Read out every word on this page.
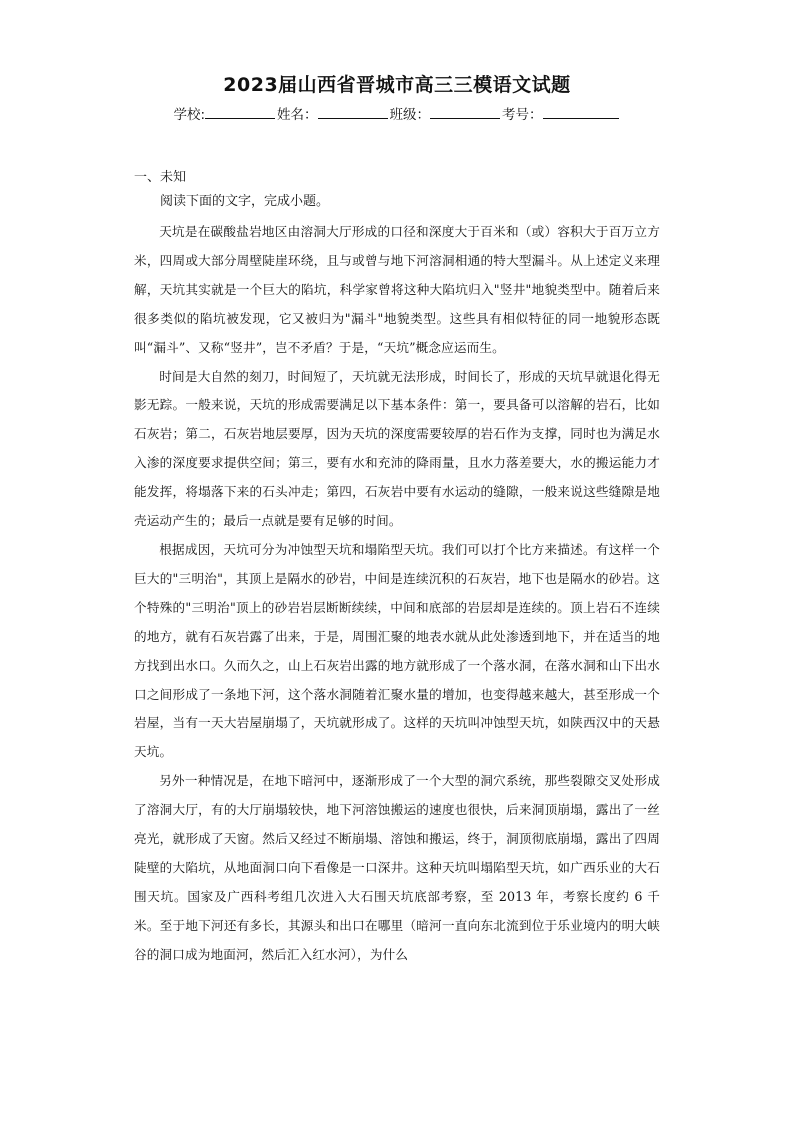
2023届山西省晋城市高三三模语文试题
学校:	姓名：	班级：	考号：
一、未知
阅读下面的文字，完成小题。

天坑是在碳酸盐岩地区由溶洞大厅形成的口径和深度大于百米和（或）容积大于百万立方米，四周或大部分周壁陡崖环绕，且与或曾与地下河溶洞相通的特大型漏斗。从上述定义来理解，天坑其实就是一个巨大的陷坑，科学家曾将这种大陷坑归入"竖井"地貌类型中。随着后来很多类似的陷坑被发现，它又被归为"漏斗"地貌类型。这些具有相似特征的同一地貌形态既叫“漏斗”、又称“竖井”，岂不矛盾？于是，“天坑”概念应运而生。

时间是大自然的刻刀，时间短了，天坑就无法形成，时间长了，形成的天坑早就退化得无影无踪。一般来说，天坑的形成需要满足以下基本条件：第一，要具备可以溶解的岩石，比如石灰岩；第二，石灰岩地层要厚，因为天坑的深度需要较厚的岩石作为支撑，同时也为满足水入渗的深度要求提供空间；第三，要有水和充沛的降雨量，且水力落差要大，水的搬运能力才能发挥，将塌落下来的石头冲走；第四，石灰岩中要有水运动的缝隙，一般来说这些缝隙是地壳运动产生的；最后一点就是要有足够的时间。

根据成因，天坑可分为冲蚀型天坑和塌陷型天坑。我们可以打个比方来描述。有这样一个巨大的"三明治"，其顶上是隔水的砂岩，中间是连续沉积的石灰岩，地下也是隔水的砂岩。这个特殊的"三明治"顶上的砂岩岩层断断续续，中间和底部的岩层却是连续的。顶上岩石不连续的地方，就有石灰岩露了出来，于是，周围汇聚的地表水就从此处渗透到地下，并在适当的地方找到出水口。久而久之，山上石灰岩出露的地方就形成了一个落水洞，在落水洞和山下出水口之间形成了一条地下河，这个落水洞随着汇聚水量的增加，也变得越来越大，甚至形成一个岩屋，当有一天大岩屋崩塌了，天坑就形成了。这样的天坑叫冲蚀型天坑，如陕西汉中的天悬天坑。

另外一种情况是，在地下暗河中，逐渐形成了一个大型的洞穴系统，那些裂隙交叉处形成了溶洞大厅，有的大厅崩塌较快，地下河溶蚀搬运的速度也很快，后来洞顶崩塌，露出了一丝亮光，就形成了天窗。然后又经过不断崩塌、溶蚀和搬运，终于，洞顶彻底崩塌，露出了四周陡壁的大陷坑，从地面洞口向下看像是一口深井。这种天坑叫塌陷型天坑，如广西乐业的大石围天坑。国家及广西科考组几次进入大石围天坑底部考察，至 2013 年，考察长度约 6 千米。至于地下河还有多长，其源头和出口在哪里（暗河一直向东北流到位于乐业境内的明大峡谷的洞口成为地面河，然后汇入红水河），为什么
